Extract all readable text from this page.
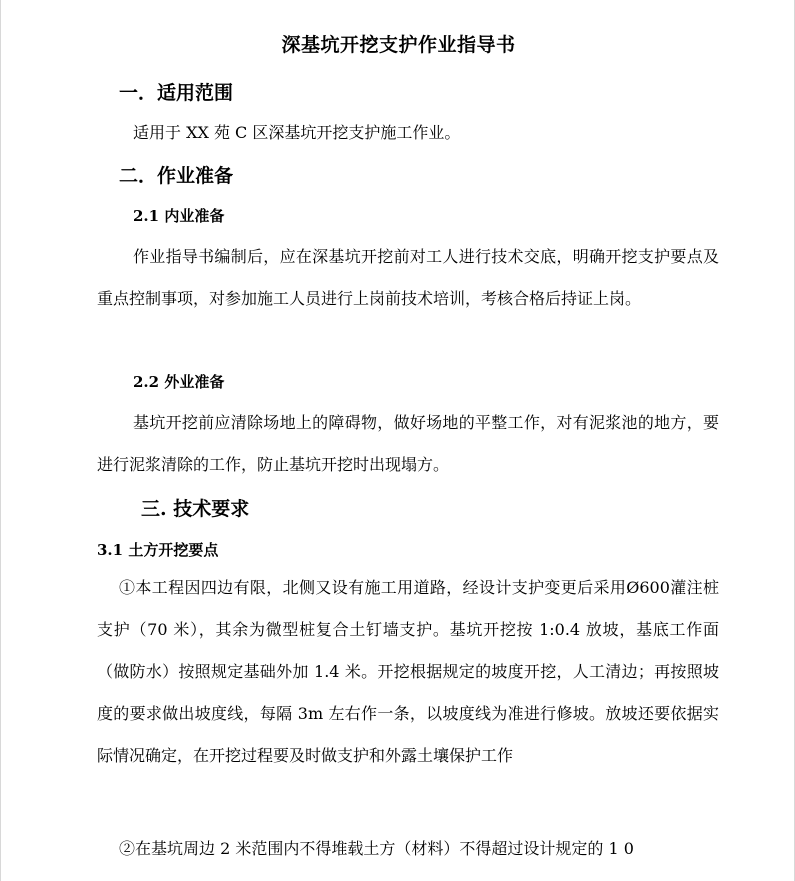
深基坑开挖支护作业指导书
一．适用范围
适用于 XX 苑 C 区深基坑开挖支护施工作业。
二．作业准备
2.1 内业准备

作业指导书编制后，应在深基坑开挖前对工人进行技术交底，明确开挖支护要点及重点控制事项，对参加施工人员进行上岗前技术培训，考核合格后持证上岗。

2.2 外业准备

基坑开挖前应清除场地上的障碍物，做好场地的平整工作，对有泥浆池的地方，要进行泥浆清除的工作，防止基坑开挖时出现塌方。

三. 技术要求
3.1 土方开挖要点

①本工程因四边有限，北侧又设有施工用道路，经设计支护变更后采用Ø600灌注桩支护（70 米），其余为微型桩复合土钉墙支护。基坑开挖按 1:0.4 放坡，基底工作面（做防水）按照规定基础外加 1.4 米。开挖根据规定的坡度开挖，人工清边；再按照坡度的要求做出坡度线，每隔 3m 左右作一条，以坡度线为准进行修坡。放坡还要依据实际情况确定，在开挖过程要及时做支护和外露土壤保护工作

②在基坑周边 2 米范围内不得堆载土方（材料）不得超过设计规定的 1 0
